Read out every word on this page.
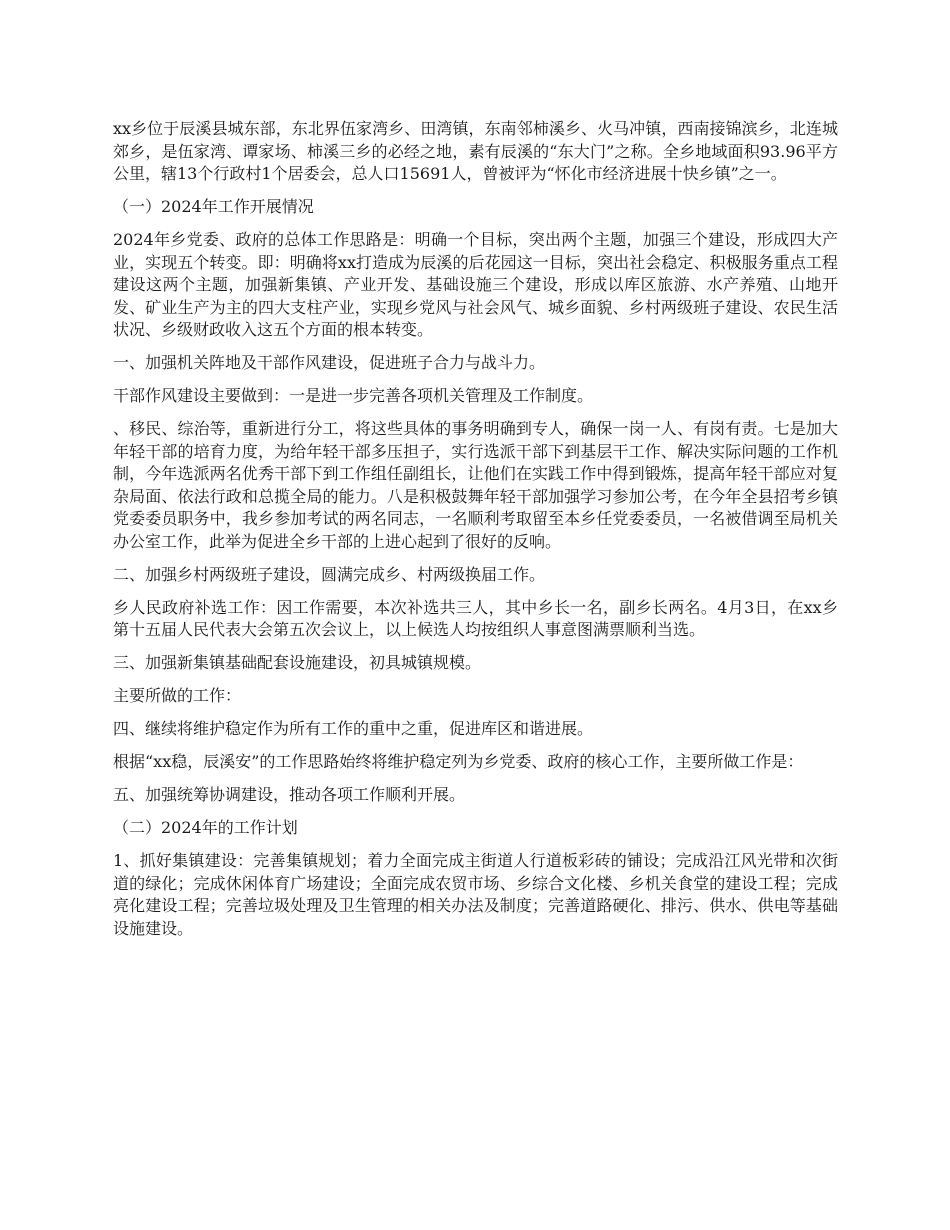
xx乡位于辰溪县城东部，东北界伍家湾乡、田湾镇，东南邻柿溪乡、火马冲镇，西南接锦滨乡，北连城郊乡，是伍家湾、谭家场、柿溪三乡的必经之地，素有辰溪的“东大门”之称。全乡地域面积93.96平方公里，辖13个行政村1个居委会，总人口15691人，曾被评为“怀化市经济进展十快乡镇”之一。

（一）2024年工作开展情况

2024年乡党委、政府的总体工作思路是：明确一个目标，突出两个主题，加强三个建设，形成四大产业，实现五个转变。即：明确将xx打造成为辰溪的后花园这一目标，突出社会稳定、积极服务重点工程建设这两个主题，加强新集镇、产业开发、基础设施三个建设，形成以库区旅游、水产养殖、山地开发、矿业生产为主的四大支柱产业，实现乡党风与社会风气、城乡面貌、乡村两级班子建设、农民生活状况、乡级财政收入这五个方面的根本转变。

一、加强机关阵地及干部作风建设，促进班子合力与战斗力。

干部作风建设主要做到：一是进一步完善各项机关管理及工作制度。

、移民、综治等，重新进行分工，将这些具体的事务明确到专人，确保一岗一人、有岗有责。七是加大年轻干部的培育力度，为给年轻干部多压担子，实行选派干部下到基层干工作、解决实际问题的工作机制，今年选派两名优秀干部下到工作组任副组长，让他们在实践工作中得到锻炼，提高年轻干部应对复杂局面、依法行政和总揽全局的能力。八是积极鼓舞年轻干部加强学习参加公考，在今年全县招考乡镇党委委员职务中，我乡参加考试的两名同志，一名顺利考取留至本乡任党委委员，一名被借调至局机关办公室工作，此举为促进全乡干部的上进心起到了很好的反响。

二、加强乡村两级班子建设，圆满完成乡、村两级换届工作。

乡人民政府补选工作：因工作需要，本次补选共三人，其中乡长一名，副乡长两名。4月3日，在xx乡第十五届人民代表大会第五次会议上，以上候选人均按组织人事意图满票顺利当选。

三、加强新集镇基础配套设施建设，初具城镇规模。

主要所做的工作：

四、继续将维护稳定作为所有工作的重中之重，促进库区和谐进展。

根据“xx稳，辰溪安”的工作思路始终将维护稳定列为乡党委、政府的核心工作，主要所做工作是：

五、加强统筹协调建设，推动各项工作顺利开展。

（二）2024年的工作计划

1、抓好集镇建设：完善集镇规划；着力全面完成主街道人行道板彩砖的铺设；完成沿江风光带和次街道的绿化；完成休闲体育广场建设；全面完成农贸市场、乡综合文化楼、乡机关食堂的建设工程；完成亮化建设工程；完善垃圾处理及卫生管理的相关办法及制度；完善道路硬化、排污、供水、供电等基础设施建设。
